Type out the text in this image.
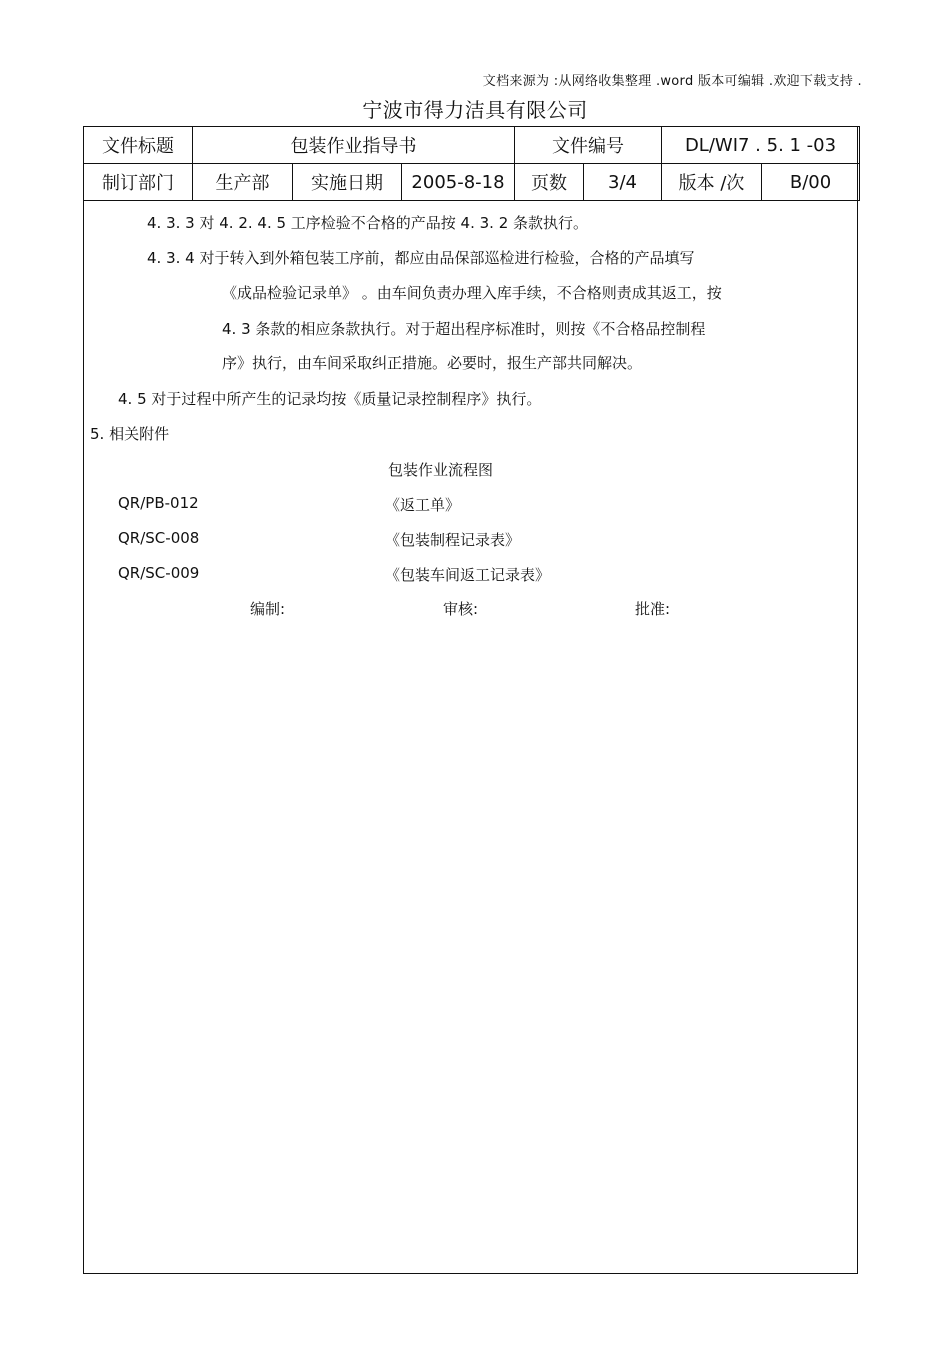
文档来源为 :从网络收集整理 .word 版本可编辑 .欢迎下载支持 .
宁波市得力洁具有限公司
文件标题	包装作业指导书			文件编号		DL/WI7 . 5. 1 -03	
制订部门	生产部	实施日期	2005-8-18	页数	3/4	版本 /次	B/00
4. 3. 3 对 4. 2. 4. 5 工序检验不合格的产品按 4. 3. 2 条款执行。
4. 3. 4 对于转入到外箱包装工序前，都应由品保部巡检进行检验，合格的产品填写
《成品检验记录单》 。由车间负责办理入库手续，不合格则责成其返工，按
4. 3 条款的相应条款执行。对于超出程序标准时，则按《不合格品控制程
序》执行，由车间采取纠正措施。必要时，报生产部共同解决。
4. 5 对于过程中所产生的记录均按《质量记录控制程序》执行。
5. 相关附件
包装作业流程图
QR/PB-012	《返工单》
QR/SC-008	《包装制程记录表》
QR/SC-009	《包装车间返工记录表》
编制:	审核:	批准:
